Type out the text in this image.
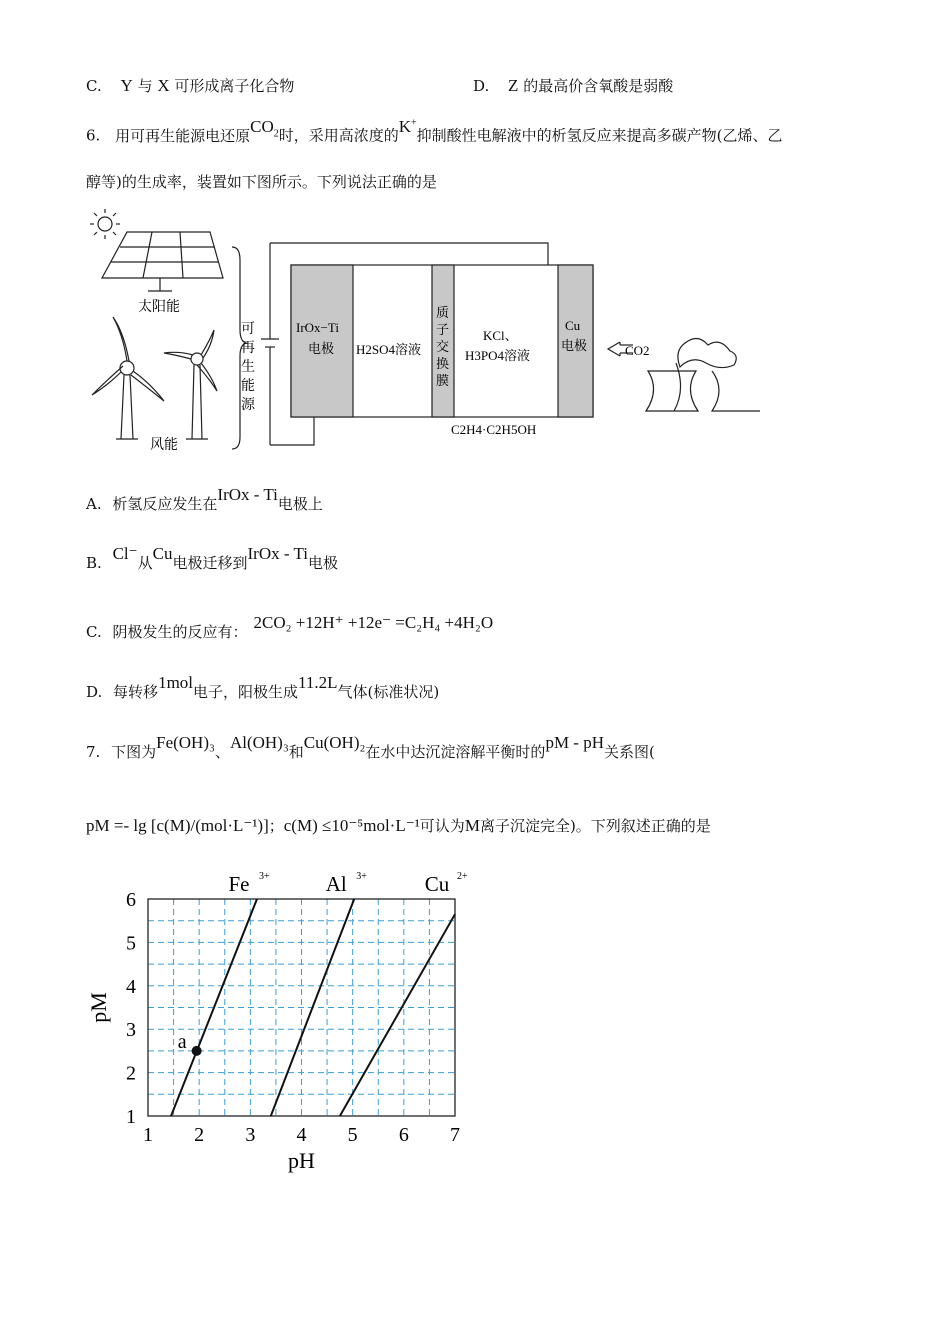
C. Y 与 X 可形成离子化合物	D. Z 的最高价含氧酸是弱酸
6. 用可再生能源电还原$CO_2$时，采用高浓度的K+抑制酸性电解液中的析氢反应来提高多碳产物(乙烯、乙
醇等)的生成率，装置如下图所示。下列说法正确的是
太阳能
风能
可再生能源
IrOx−Ti
电极 H2SO4溶液
质子交换膜
KCl、
H3PO4溶液
Cu
电极	CO2
C2H4·C2H5OH
A. 析氢反应发生在IrOx - Ti电极上
B. Cl⁻从Cu电极迁移到IrOx - Ti电极
C. 阴极发生的反应有： 2CO₂ +12H⁺ +12e⁻ =C₂H₄ +4H₂O
D. 每转移1mol电子，阳极生成11.2L气体(标准状况)
7. 下图为Fe(OH)₃、Al(OH)₃和Cu(OH)₂在水中达沉淀溶解平衡时的pM - pH关系图(
pM =- lg [c(M)/(mol·L⁻¹)]；c(M) ≤10⁻⁵mol·L⁻¹可认为M离子沉淀完全)。下列叙述正确的是
1 2 3 4 5 6 7
1
2
3
4
5
6
pH
pM
Fe 3+	Al 3+	Cu 2+
a
